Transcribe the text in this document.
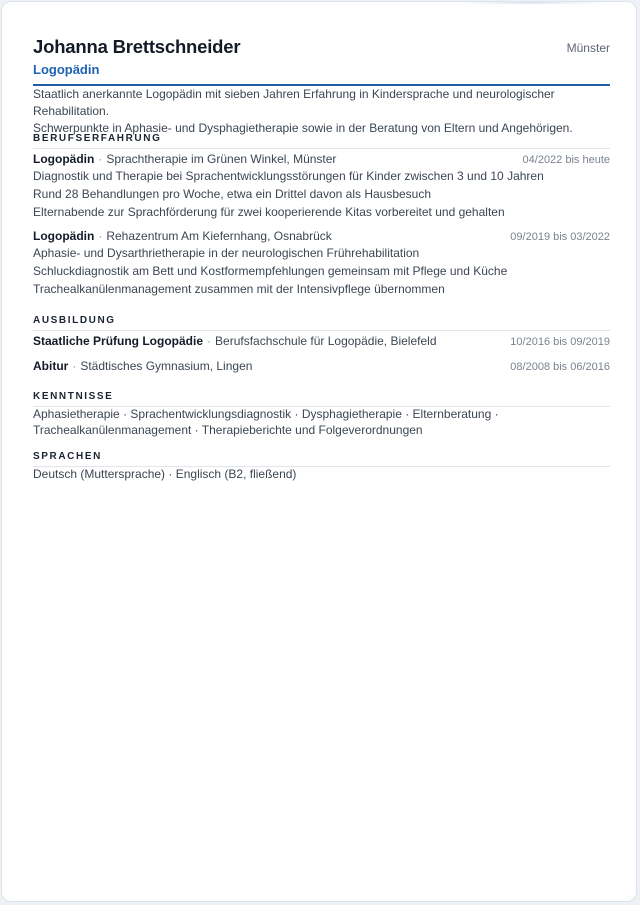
Johanna Brettschneider
Logopädin
Münster
Staatlich anerkannte Logopädin mit sieben Jahren Erfahrung in Kindersprache und neurologischer Rehabilitation.
Schwerpunkte in Aphasie- und Dysphagietherapie sowie in der Beratung von Eltern und Angehörigen.
BERUFSERFAHRUNG
Logopädin · Sprachtherapie im Grünen Winkel, Münster	04/2022 bis heute
Diagnostik und Therapie bei Sprachentwicklungsstörungen für Kinder zwischen 3 und 10 Jahren
Rund 28 Behandlungen pro Woche, etwa ein Drittel davon als Hausbesuch
Elternabende zur Sprachförderung für zwei kooperierende Kitas vorbereitet und gehalten
Logopädin · Rehazentrum Am Kiefernhang, Osnabrück	09/2019 bis 03/2022
Aphasie- und Dysarthrietherapie in der neurologischen Frührehabilitation
Schluckdiagnostik am Bett und Kostformempfehlungen gemeinsam mit Pflege und Küche
Trachealkanülenmanagement zusammen mit der Intensivpflege übernommen
AUSBILDUNG
Staatliche Prüfung Logopädie · Berufsfachschule für Logopädie, Bielefeld	10/2016 bis 09/2019
Abitur · Städtisches Gymnasium, Lingen	08/2008 bis 06/2016
KENNTNISSE
Aphasietherapie · Sprachentwicklungsdiagnostik · Dysphagietherapie · Elternberatung ·
Trachealkanülenmanagement · Therapieberichte und Folgeverordnungen
SPRACHEN
Deutsch (Muttersprache) · Englisch (B2, fließend)
